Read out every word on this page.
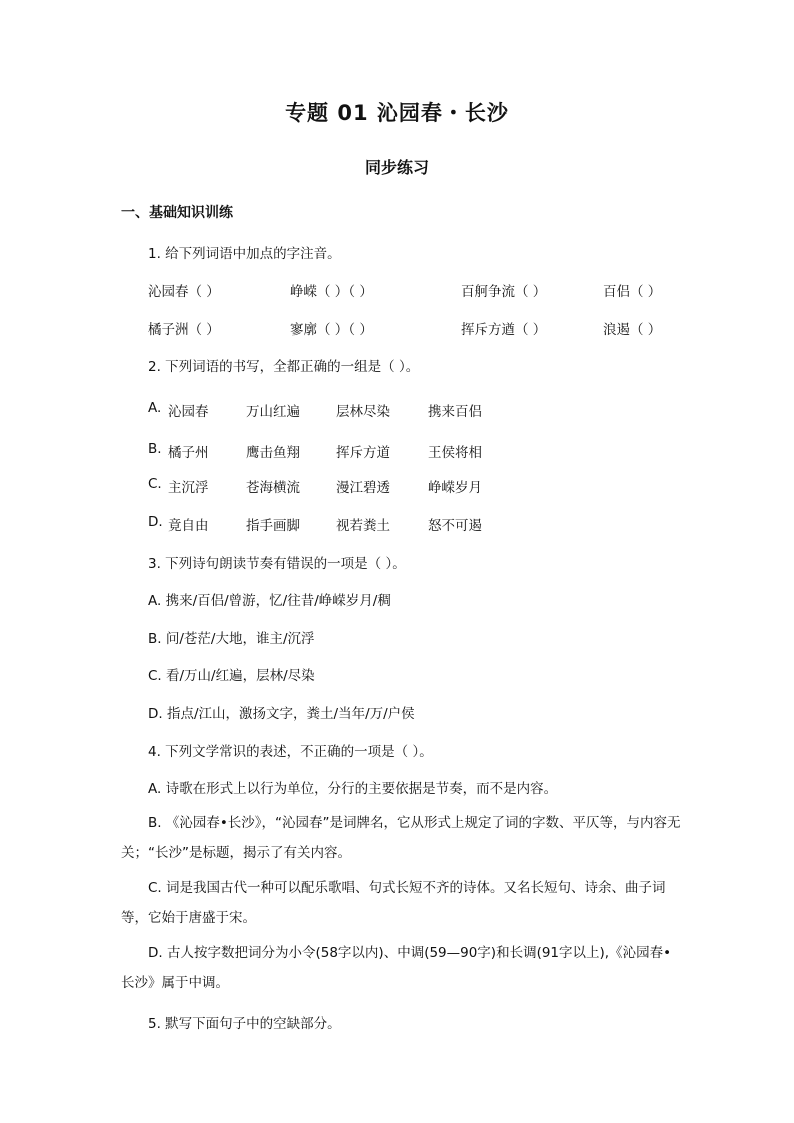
专题 01 沁园春・长沙
同步练习
一、基础知识训练
1. 给下列词语中加点的字注音。
沁园春（ ）	峥嵘（ ）（ ）	百舸争流（ ）	百侣（ ）
橘子洲（ ）	寥廓（ ）（ ）	挥斥方遒（ ）	浪遏（ ）
2. 下列词语的书写，全都正确的一组是（ ）。
A. 沁园春	万山红遍	层林尽染	携来百侣
B. 橘子州	鹰击鱼翔	挥斥方道	王侯将相
C. 主沉浮	苍海横流	漫江碧透	峥嵘岁月
D. 竟自由	指手画脚	视若粪土	怒不可遏
3. 下列诗句朗读节奏有错误的一项是（ ）。
A. 携来/百侣/曾游，忆/往昔/峥嵘岁月/稠
B. 问/苍茫/大地，谁主/沉浮
C. 看/万山/红遍，层林/尽染
D. 指点/江山，激扬文字，粪土/当年/万/户侯
4. 下列文学常识的表述，不正确的一项是（ ）。
A. 诗歌在形式上以行为单位，分行的主要依据是节奏，而不是内容。
B. 《沁园春•长沙》，“沁园春”是词牌名，它从形式上规定了词的字数、平仄等，与内容无关；“长沙”是标题，揭示了有关内容。
C. 词是我国古代一种可以配乐歌唱、句式长短不齐的诗体。又名长短句、诗余、曲子词等，它始于唐盛于宋。
D. 古人按字数把词分为小令(58字以内)、中调(59—90字)和长调(91字以上),《沁园春•长沙》属于中调。
5. 默写下面句子中的空缺部分。
